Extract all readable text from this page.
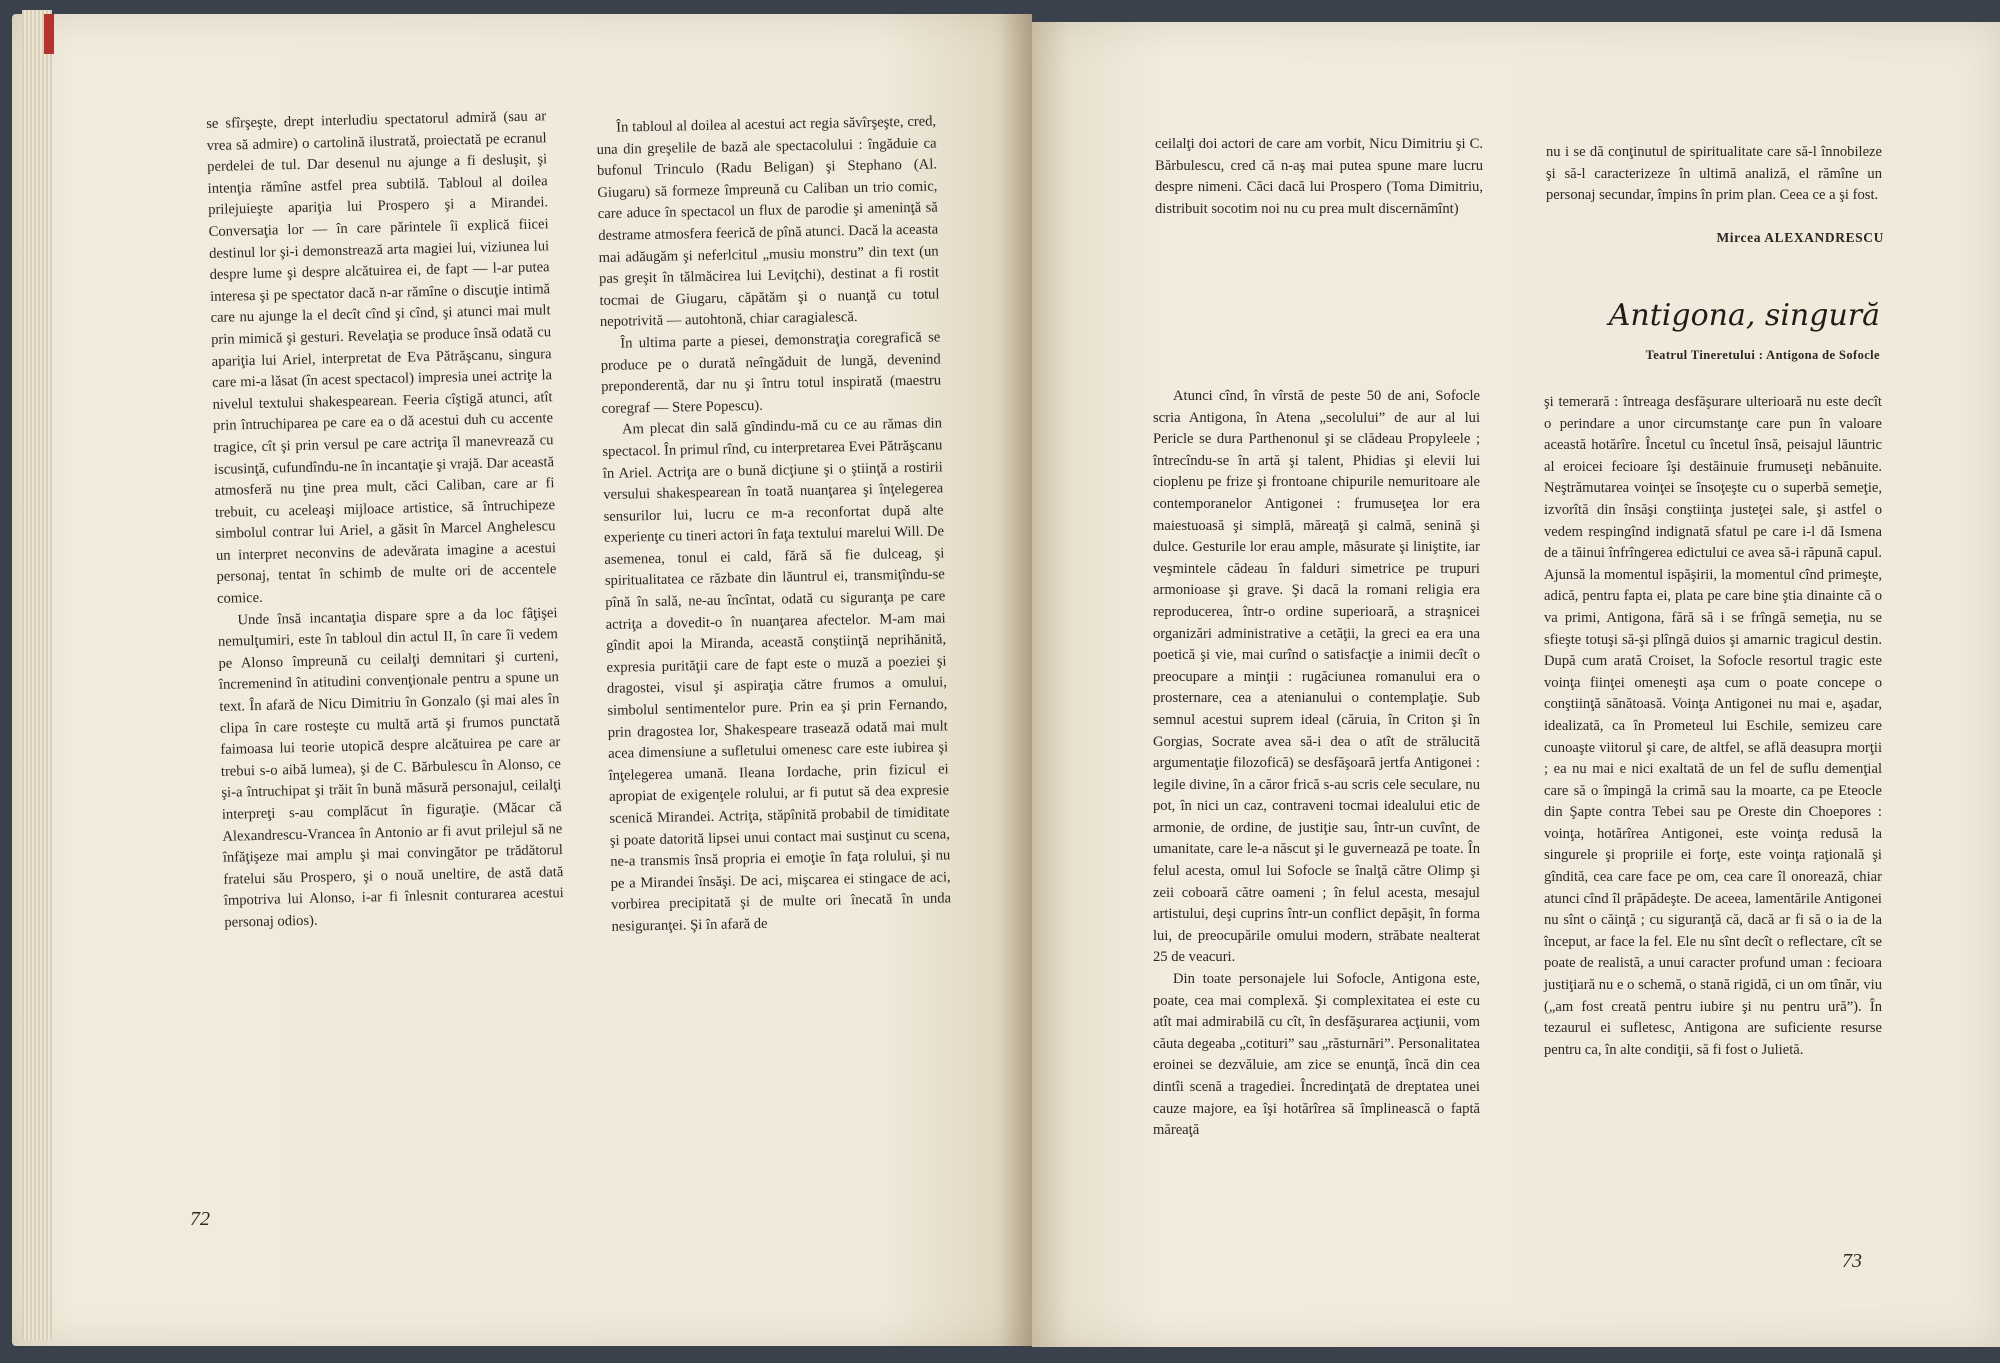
se sfîrşeşte, drept interludiu spectatorul admiră (sau ar vrea să admire) o cartolină ilustrată, proiectată pe ecranul perdelei de tul. Dar desenul nu ajunge a fi desluşit, şi intenţia rămîne astfel prea subtilă. Tabloul al doilea prilejuieşte apariţia lui Prospero şi a Mirandei. Conversaţia lor — în care părintele îi explică fiicei destinul lor şi-i demonstrează arta magiei lui, viziunea lui despre lume şi despre alcătuirea ei, de fapt — l-ar putea interesa şi pe spectator dacă n-ar rămîne o discuţie intimă care nu ajunge la el decît cînd şi cînd, şi atunci mai mult prin mimică şi gesturi. Revelaţia se produce însă odată cu apariţia lui Ariel, interpretat de Eva Pătrăşcanu, singura care mi-a lăsat (în acest spectacol) impresia unei actriţe la nivelul textului shakespearean. Feeria cîştigă atunci, atît prin întruchiparea pe care ea o dă acestui duh cu accente tragice, cît şi prin versul pe care actriţa îl manevrează cu iscusinţă, cufundîndu-ne în incantaţie şi vrajă. Dar această atmosferă nu ţine prea mult, căci Caliban, care ar fi trebuit, cu aceleaşi mijloace artistice, să întruchipeze simbolul contrar lui Ariel, a găsit în Marcel Anghelescu un interpret neconvins de adevărata imagine a acestui personaj, tentat în schimb de multe ori de accentele comice.

Unde însă incantaţia dispare spre a da loc fâţişei nemulţumiri, este în tabloul din actul II, în care îi vedem pe Alonso împreună cu ceilalţi demnitari şi curteni, încremenind în atitudini convenţionale pentru a spune un text. În afară de Nicu Dimitriu în Gonzalo (şi mai ales în clipa în care rosteşte cu multă artă şi frumos punctată faimoasa lui teorie utopică despre alcătuirea pe care ar trebui s-o aibă lumea), şi de C. Bărbulescu în Alonso, ce şi-a întruchipat şi trăit în bună măsură personajul, ceilalţi interpreţi s-au complăcut în figuraţie. (Măcar că Alexandrescu-Vrancea în Antonio ar fi avut prilejul să ne înfăţişeze mai amplu şi mai convingător pe trădătorul fratelui său Prospero, şi o nouă uneltire, de astă dată împotriva lui Alonso, i-ar fi înlesnit conturarea acestui personaj odios).

În tabloul al doilea al acestui act regia săvîrşeşte, cred, una din greşelile de bază ale spectacolului : îngăduie ca bufonul Trinculo (Radu Beligan) şi Stephano (Al. Giugaru) să formeze împreună cu Caliban un trio comic, care aduce în spectacol un flux de parodie şi ameninţă să destrame atmosfera feerică de pînă atunci. Dacă la aceasta mai adăugăm şi neferlcitul „musiu monstru” din text (un pas greşit în tălmăcirea lui Leviţchi), destinat a fi rostit tocmai de Giugaru, căpătăm şi o nuanţă cu totul nepotrivită — autohtonă, chiar caragialescă.

În ultima parte a piesei, demonstraţia coregrafică se produce pe o durată neîngăduit de lungă, devenind preponderentă, dar nu şi întru totul inspirată (maestru coregraf — Stere Popescu).

Am plecat din sală gîndindu-mă cu ce au rămas din spectacol. În primul rînd, cu interpretarea Evei Pătrăşcanu în Ariel. Actriţa are o bună dicţiune şi o ştiinţă a rostirii versului shakespearean în toată nuanţarea şi înţelegerea sensurilor lui, lucru ce m-a reconfortat după alte experienţe cu tineri actori în faţa textului marelui Will. De asemenea, tonul ei cald, fără să fie dulceag, şi spiritualitatea ce răzbate din lăuntrul ei, transmiţîndu-se pînă în sală, ne-au încîntat, odată cu siguranţa pe care actriţa a dovedit-o în nuanţarea afectelor. M-am mai gîndit apoi la Miranda, această conştiinţă neprihănită, expresia purităţii care de fapt este o muză a poeziei şi dragostei, visul şi aspiraţia către frumos a omului, simbolul sentimentelor pure. Prin ea şi prin Fernando, prin dragostea lor, Shakespeare trasează odată mai mult acea dimensiune a sufletului omenesc care este iubirea şi înţelegerea umană. Ileana Iordache, prin fizicul ei apropiat de exigenţele rolului, ar fi putut să dea expresie scenică Mirandei. Actriţa, stăpînită probabil de timiditate şi poate datorită lipsei unui contact mai susţinut cu scena, ne-a transmis însă propria ei emoţie în faţa rolului, şi nu pe a Mirandei însăşi. De aci, mişcarea ei stingace de aci, vorbirea precipitată şi de multe ori înecată în unda nesiguranţei. Şi în afară de

72

ceilalţi doi actori de care am vorbit, Nicu Dimitriu şi C. Bărbulescu, cred că n-aş mai putea spune mare lucru despre nimeni. Căci dacă lui Prospero (Toma Dimitriu, distribuit socotim noi nu cu prea mult discernămînt)

nu i se dă conţinutul de spiritualitate care să-l înnobileze şi să-l caracterizeze în ultimă analiză, el rămîne un personaj secundar, împins în prim plan. Ceea ce a şi fost.

Mircea ALEXANDRESCU
Antigona, singură
Teatrul Tineretului : Antigona de Sofocle

Atunci cînd, în vîrstă de peste 50 de ani, Sofocle scria Antigona, în Atena „secolului” de aur al lui Pericle se dura Parthenonul şi se clădeau Propyleele ; întrecîndu-se în artă şi talent, Phidias şi elevii lui cioplenu pe frize şi frontoane chipurile nemuritoare ale contemporanelor Antigonei : frumuseţea lor era maiestuoasă şi simplă, măreaţă şi calmă, senină şi dulce. Gesturile lor erau ample, măsurate şi liniştite, iar veşmintele cădeau în falduri simetrice pe trupuri armonioase şi grave. Şi dacă la romani religia era reproducerea, într-o ordine superioară, a straşnicei organizări administrative a cetăţii, la greci ea era una poetică şi vie, mai curînd o satisfacţie a inimii decît o preocupare a minţii : rugăciunea romanului era o prosternare, cea a atenianului o contemplaţie. Sub semnul acestui suprem ideal (căruia, în Criton şi în Gorgias, Socrate avea să-i dea o atît de strălucită argumentaţie filozofică) se desfăşoară jertfa Antigonei : legile divine, în a căror frică s-au scris cele seculare, nu pot, în nici un caz, contraveni tocmai idealului etic de armonie, de ordine, de justiţie sau, într-un cuvînt, de umanitate, care le-a născut şi le guvernează pe toate. În felul acesta, omul lui Sofocle se înalţă către Olimp şi zeii coboară către oameni ; în felul acesta, mesajul artistului, deşi cuprins într-un conflict depăşit, în forma lui, de preocupările omului modern, străbate nealterat 25 de veacuri.

Din toate personajele lui Sofocle, Antigona este, poate, cea mai complexă. Şi complexitatea ei este cu atît mai admirabilă cu cît, în desfăşurarea acţiunii, vom căuta degeaba „cotituri” sau „răsturnări”. Personalitatea eroinei se dezvăluie, am zice se enunţă, încă din cea dintîi scenă a tragediei. Încredinţată de dreptatea unei cauze majore, ea îşi hotărîrea să împlinească o faptă măreaţă

şi temerară : întreaga desfăşurare ulterioară nu este decît o perindare a unor circumstanţe care pun în valoare această hotărîre. Încetul cu încetul însă, peisajul lăuntric al eroicei fecioare îşi destăinuie frumuseţi nebănuite. Neştrămutarea voinţei se însoţeşte cu o superbă semeţie, izvorîtă din însăşi conştiinţa justeţei sale, şi astfel o vedem respingînd indignată sfatul pe care i-l dă Ismena de a tăinui înfrîngerea edictului ce avea să-i răpună capul. Ajunsă la momentul ispăşirii, la momentul cînd primeşte, adică, pentru fapta ei, plata pe care bine ştia dinainte că o va primi, Antigona, fără să i se frîngă semeţia, nu se sfieşte totuşi să-şi plîngă duios şi amarnic tragicul destin. După cum arată Croiset, la Sofocle resortul tragic este voinţa fiinţei omeneşti aşa cum o poate concepe o conştiinţă sănătoasă. Voinţa Antigonei nu mai e, aşadar, idealizată, ca în Prometeul lui Eschile, semizeu care cunoaşte viitorul şi care, de altfel, se află deasupra morţii ; ea nu mai e nici exaltată de un fel de suflu demenţial care să o împingă la crimă sau la moarte, ca pe Eteocle din Şapte contra Tebei sau pe Oreste din Choepores : voinţa, hotărîrea Antigonei, este voinţa redusă la singurele şi propriile ei forţe, este voinţa raţională şi gîndită, cea care face pe om, cea care îl onorează, chiar atunci cînd îl prăpădeşte. De aceea, lamentările Antigonei nu sînt o căinţă ; cu siguranţă că, dacă ar fi să o ia de la început, ar face la fel. Ele nu sînt decît o reflectare, cît se poate de realistă, a unui caracter profund uman : fecioara justiţiară nu e o schemă, o stană rigidă, ci un om tînăr, viu („am fost creată pentru iubire şi nu pentru ură”). În tezaurul ei sufletesc, Antigona are suficiente resurse pentru ca, în alte condiţii, să fi fost o Julietă.

73
